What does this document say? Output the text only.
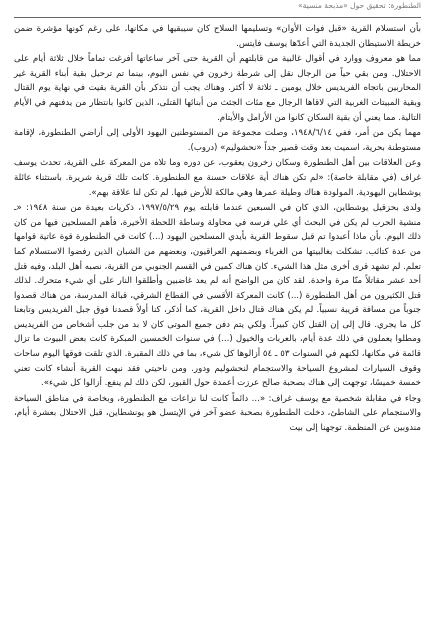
الطنطورة: تحقيق حول «مذبحة منسية»

بأن استسلام القرية «قبل فوات الأوان» وتسليمها السلاح كان سيبقيها في مكانها، على رغم كونها مؤشرة ضمن خريطة الاستيطان الجديدة التي أعدّها يوسف فايتس.

مما هو معروف ووارد في أقوال غالبية من قابلتهم أن القرية حتى آخر ساعاتها أفرغت تماماً خلال ثلاثة أيام على الاحتلال. ومن بقي حياً من الرجال نقل إلى شرطة زخرون في نفس اليوم، بينما تم ترحيل بقية أبناء القرية غير المحاربين باتجاه الفريديس خلال يومين ـ ثلاثة لا أكثر. وهناك يجب أن نتذكر بأن القرية بقيت في نهاية يوم القتال وبقية المبيتات الغربية التي لاقاها الرجال مع مئات الجثث من أبنائها القتلى، الذين كانوا بانتظار من يدفنهم في الأيام التالية. مما يعني أن بقية السكان كانوا من الأرامل والأيتام.

مهما يكن من أمر، ففي ١٩٤٨/٦/١٤، وصلت مجموعة من المستوطنين اليهود الأولى إلى أراضي الطنطورة، لإقامة مستوطنة بحرية، اسميت بعد وقت قصير جداً «نحشوليم» (دروب).

وعن العلاقات بين أهل الطنطورة وسكان زخرون يعقوب، عن دوره وما تلاه من المعركة على القرية، تحدث يوسف غراف (في مقابلة خاصة): «لم تكن هناك أية علاقات حسنة مع الطنطورة. كانت تلك قرية شريرة. باستثناء عائلة يوشطاين اليهودية. المولودة هناك وطيلة عمرها وهي مالكة للأرض فيها. لم تكن لنا علاقة بهم».

ولدى بحزقيل يوشطاين، الذي كان في السبعين عندما قابلته يوم ١٩٩٧/٥/٢٩، ذكريات بعيدة من سنة ١٩٤٨: «ـ منشية الحرب لم يكن في البحث أي علي فرسه في محاولة وساطة اللحظة الأخيرة، فأهم المسلحين فيها من كان ذلك اليوم. بأن ماذا أعبدوا تم قبل سقوط القرية بأيدي المسلحين اليهود (...) كانت في الطنطورة قوة عاتية قوامها من عدة كتائب. تشكلت بغالبيتها من الغرباء وبضمنهم العراقيون، وبعضهم من الشبان الذين رفضوا الاستسلام كما تعلم. لم تشهد قرى أخرى مثل هذا الشيء. كان هناك كمين في القسم الجنوبي من القرية، نصبه أهل البلد، وفيه قتل أحد عشر مقاتلاً منّا مرة واحدة. لقد كان من الواضح أنه لم يعد غاضبين وأطلقوا النار على أي شيء متحرك. لذلك قتل الكثيرون من أهل الطنطورة (...) كانت المعركة الأقسى في القطاع الشرقي، قبالة المدرسة، من هناك قصدوا جنوباً من مسافة قريبة نسبياً. لم يكن هناك قتال داخل القرية، كما أذكر، كنا أولاً قصدنا فوق جبل الفريديس وتابعنا كل ما يجري. قال إلى إن القتل كان كبيراً. ولكي يتم دفن جميع الموتى كان لا بد من جلب أشخاص من الفريديس ومطلوا يعملون في ذلك عدة أيام، بالعربات والخيول (...) في سنوات الخمسين المبكرة كانت بعض البيوت ما تزال قائمة في مكانها، لكنهم في السنوات ٥٣ ـ ٥٤ أزالوها كل شيء، بما في ذلك المقبرة. الذي تلقت فوقها اليوم ساحات وقوف السيارات لمشروع السياحة والاستجمام لنحشوليم ودور. ومن ناحيتي فقد نبهت القرية أنشاء كانت تعني خمسة خميسًا، توجهت إلى هناك بصحبة صالح عرزت أعمدة حول القبور، لكن ذلك لم ينفع. أزالوا كل شيء».

وجاء في مقابلة شخصية مع يوسف غراف: «... دائماً كانت لنا نزاعات مع الطنطورة، وبخاصة في مناطق السياحة والاستجمام على الشاطئ، دخلت الطنطورة بصحبة عضو آخر في الإيتسل هو يونشطاين، قبل الاحتلال بعشرة أيام، مندوبين عن المنظمة. توجهنا إلى بيت
